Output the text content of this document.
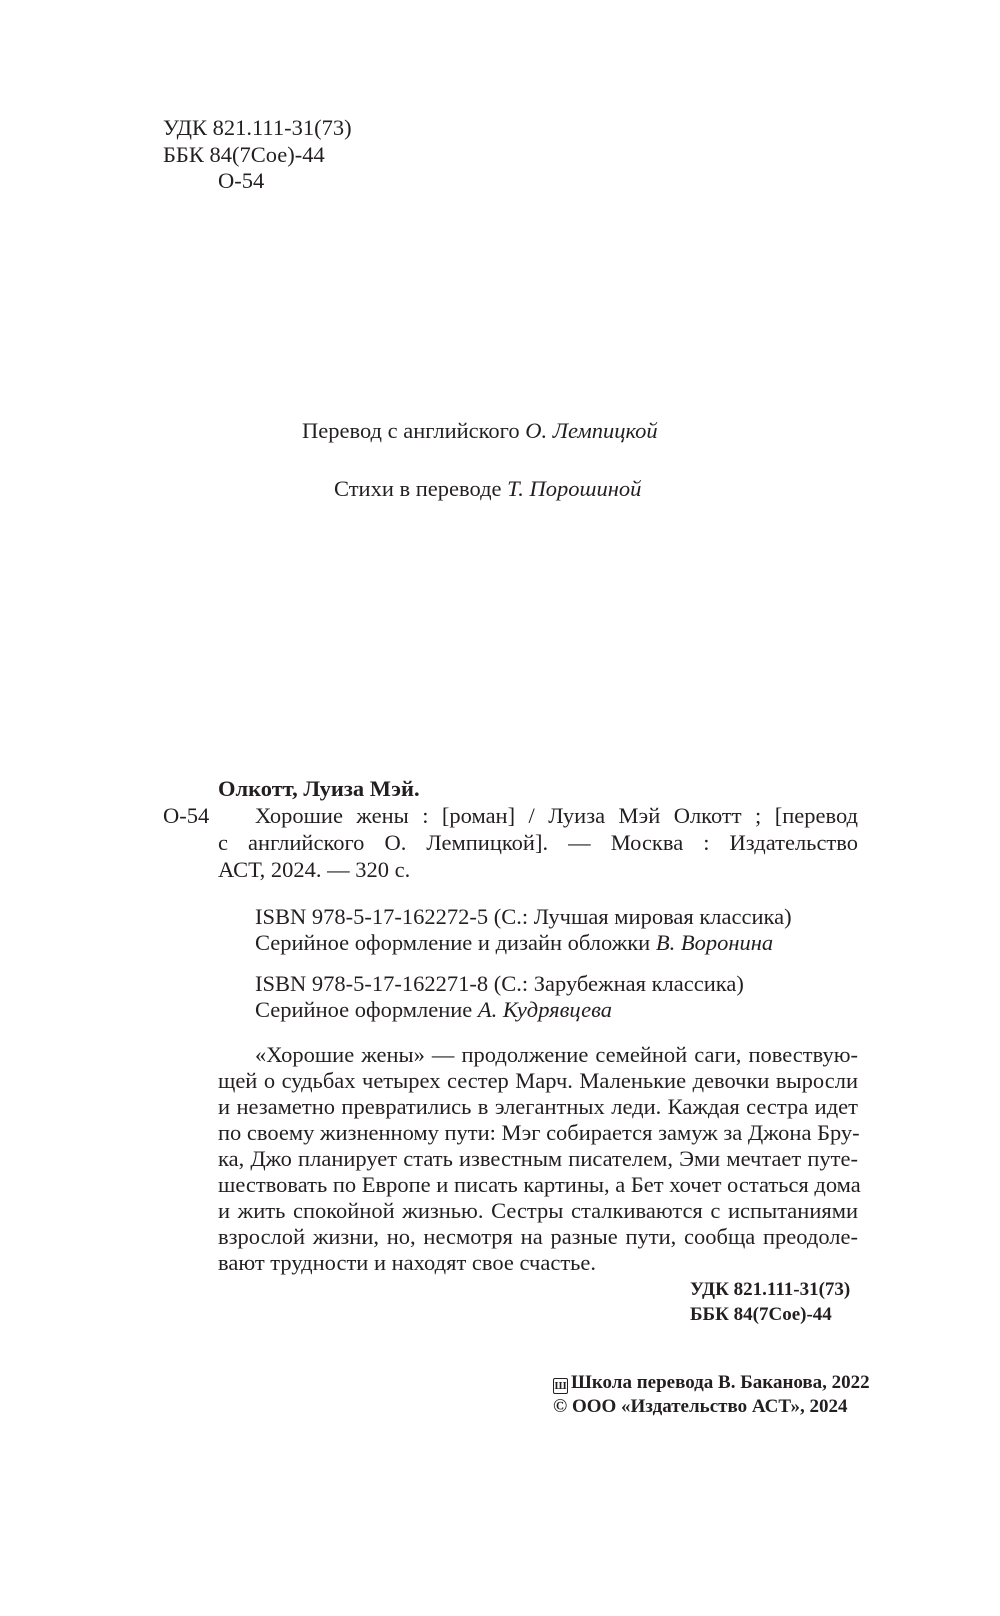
УДК 821.111-31(73)
ББК 84(7Сое)-44
О-54
Перевод с английского О. Лемпицкой
Стихи в переводе Т. Порошиной
Олкотт, Луиза Мэй.
О-54 Хорошие жены : [роман] / Луиза Мэй Олкотт ; [перевод
с английского О. Лемпицкой]. — Москва : Издательство
АСТ, 2024. — 320 с.
ISBN 978-5-17-162272-5 (С.: Лучшая мировая классика)
Серийное оформление и дизайн обложки В. Воронина
ISBN 978-5-17-162271-8 (С.: Зарубежная классика)
Серийное оформление А. Кудрявцева
«Хорошие жены» — продолжение семейной саги, повествую-
щей о судьбах четырех сестер Марч. Маленькие девочки выросли
и незаметно превратились в элегантных леди. Каждая сестра идет
по своему жизненному пути: Мэг собирается замуж за Джона Бру-
ка, Джо планирует стать известным писателем, Эми мечтает путе-
шествовать по Европе и писать картины, а Бет хочет остаться дома
и жить спокойной жизнью. Сестры сталкиваются с испытаниями
взрослой жизни, но, несмотря на разные пути, сообща преодоле-
вают трудности и находят свое счастье.
УДК 821.111-31(73)
ББК 84(7Сое)-44
Ш Школа перевода В. Баканова, 2022
© ООО «Издательство АСТ», 2024
